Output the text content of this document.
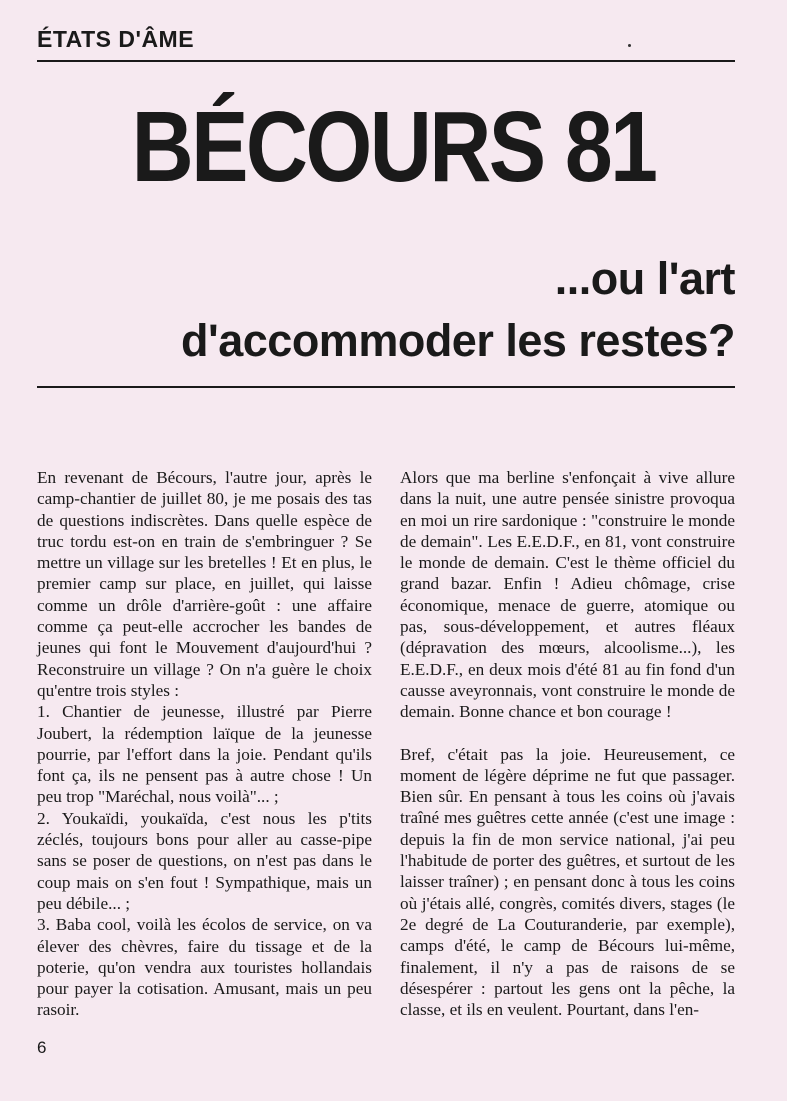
ÉTATS D'ÂME
BÉCOURS 81
...ou l'art
d'accommoder les restes?

En revenant de Bécours, l'autre jour, après le camp-chantier de juillet 80, je me posais des tas de questions indiscrètes. Dans quelle espèce de truc tordu est-on en train de s'embringuer ? Se mettre un village sur les bretelles ! Et en plus, le premier camp sur place, en juillet, qui laisse comme un drôle d'arrière-goût : une affaire comme ça peut-elle accrocher les bandes de jeunes qui font le Mouvement d'aujourd'hui ? Reconstruire un village ? On n'a guère le choix qu'entre trois styles :

1. Chantier de jeunesse, illustré par Pierre Joubert, la rédemption laïque de la jeunesse pourrie, par l'effort dans la joie. Pendant qu'ils font ça, ils ne pensent pas à autre chose ! Un peu trop "Maréchal, nous voilà"... ;

2. Youkaïdi, youkaïda, c'est nous les p'tits zéclés, toujours bons pour aller au casse-pipe sans se poser de questions, on n'est pas dans le coup mais on s'en fout ! Sympathique, mais un peu débile... ;

3. Baba cool, voilà les écolos de service, on va élever des chèvres, faire du tissage et de la poterie, qu'on vendra aux touristes hollandais pour payer la cotisation. Amusant, mais un peu rasoir.

Alors que ma berline s'enfonçait à vive allure dans la nuit, une autre pensée sinistre provoqua en moi un rire sardonique : "construire le monde de demain". Les E.E.D.F., en 81, vont construire le monde de demain. C'est le thème officiel du grand bazar. Enfin ! Adieu chômage, crise économique, menace de guerre, atomique ou pas, sous-développement, et autres fléaux (dépravation des mœurs, alcoolisme...), les E.E.D.F., en deux mois d'été 81 au fin fond d'un causse aveyronnais, vont construire le monde de demain. Bonne chance et bon courage !

Bref, c'était pas la joie. Heureusement, ce moment de légère déprime ne fut que passager. Bien sûr. En pensant à tous les coins où j'avais traîné mes guêtres cette année (c'est une image : depuis la fin de mon service national, j'ai peu l'habitude de porter des guêtres, et surtout de les laisser traîner) ; en pensant donc à tous les coins où j'étais allé, congrès, comités divers, stages (le 2e degré de La Couturanderie, par exemple), camps d'été, le camp de Bécours lui-même, finalement, il n'y a pas de raisons de se désespérer : partout les gens ont la pêche, la classe, et ils en veulent. Pourtant, dans l'en-

6
